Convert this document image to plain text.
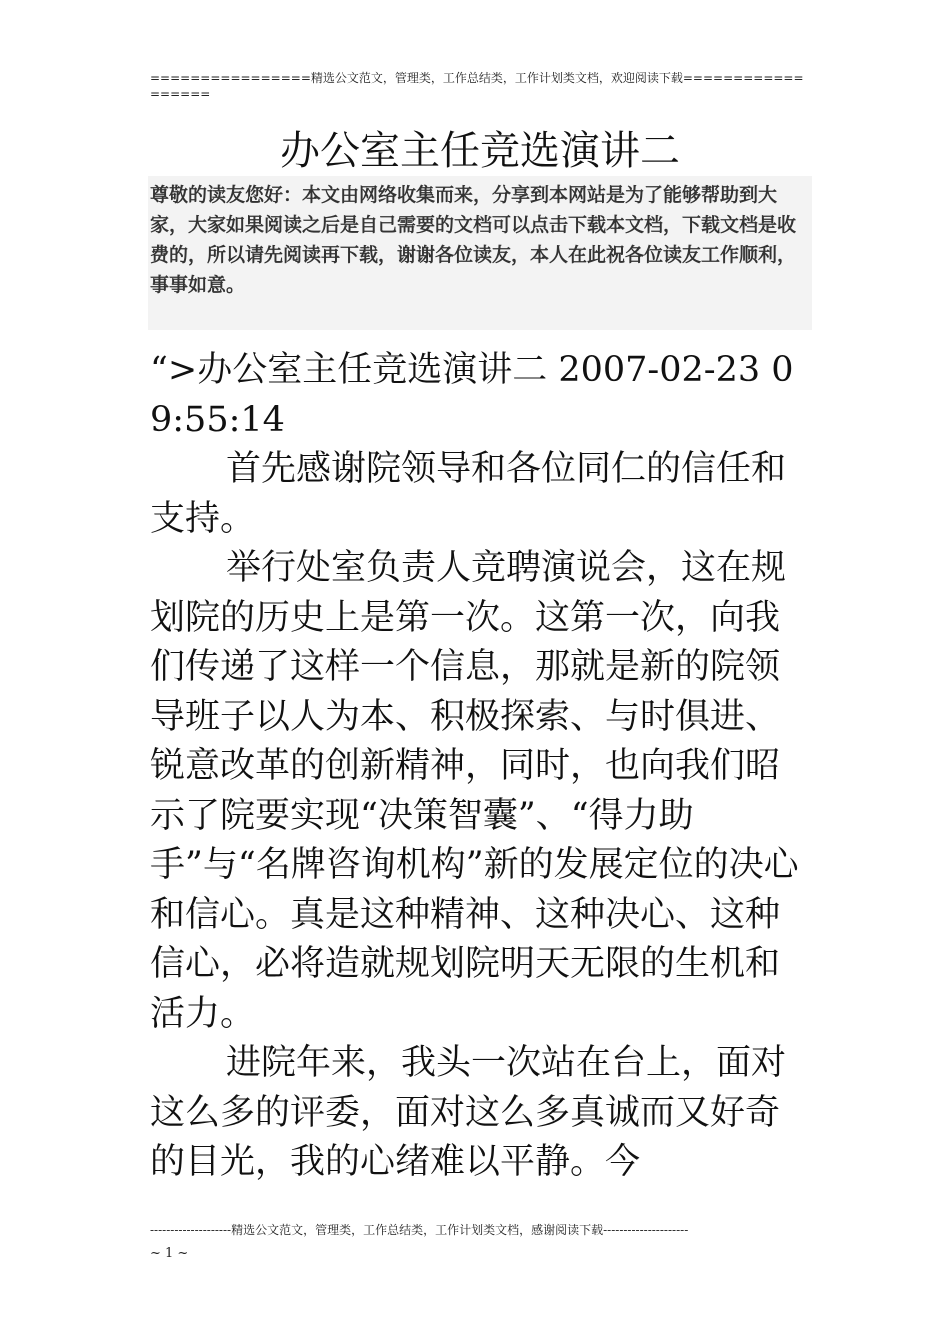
================精选公文范文，管理类，工作总结类，工作计划类文档，欢迎阅读下载==================
办公室主任竞选演讲二
尊敬的读友您好：本文由网络收集而来，分享到本网站是为了能够帮助到大家，大家如果阅读之后是自己需要的文档可以点击下载本文档，下载文档是收费的，所以请先阅读再下载，谢谢各位读友，本人在此祝各位读友工作顺利，事事如意。

“>办公室主任竞选演讲二 2007-02-23 09:55:14

首先感谢院领导和各位同仁的信任和支持。

举行处室负责人竞聘演说会，这在规划院的历史上是第一次。这第一次，向我们传递了这样一个信息，那就是新的院领导班子以人为本、积极探索、与时俱进、锐意改革的创新精神，同时，也向我们昭示了院要实现“决策智囊”、“得力助手”与“名牌咨询机构”新的发展定位的决心和信心。真是这种精神、这种决心、这种信心，必将造就规划院明天无限的生机和活力。

进院年来，我头一次站在台上，面对这么多的评委，面对这么多真诚而又好奇的目光，我的心绪难以平静。今

--------------------精选公文范文，管理类，工作总结类，工作计划类文档，感谢阅读下载---------------------
~ 1 ~
